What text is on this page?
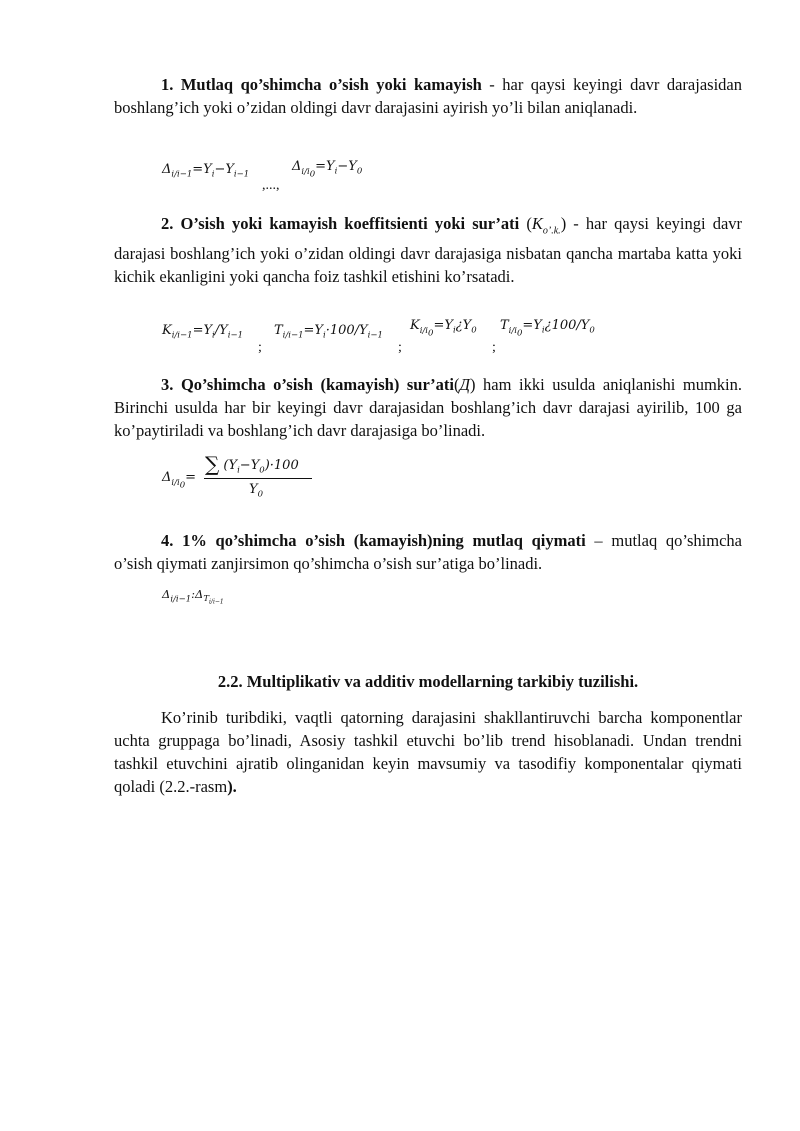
1. Mutlaq qo’shimcha o’sish yoki kamayish - har qaysi keyingi davr darajasidan boshlang’ich yoki o’zidan oldingi davr darajasini ayirish yo’li bilan aniqlanadi.

$\Delta_{i/i-1}=Y_i-Y_{i-1}$
,...,
$\Delta_{i/i_0}=Y_i-Y_0$

2. O’sish yoki kamayish koeffitsienti yoki sur’ati $(K_{o’.k.})$ - har qaysi keyingi davr darajasi boshlang’ich yoki o’zidan oldingi davr darajasiga nisbatan qancha martaba katta yoki kichik ekanligini yoki qancha foiz tashkil etishini ko’rsatadi.

$K_{i/i-1}=Y_i/Y_{i-1}$
;
$T_{i/i-1}=Y_i\cdot 100/Y_{i-1}$
;
$K_{i/i_0}=Y_i¿Y_0$
;
$T_{i/i_0}=Y_i¿100/Y_0$

3. Qo’shimcha o’sish (kamayish) sur’ati(Д) ham ikki usulda aniqlanishi mumkin. Birinchi usulda har bir keyingi davr darajasidan boshlang’ich davr darajasi ayirilib, 100 ga ko’paytiriladi va boshlang’ich davr darajasiga bo’linadi.

$\Delta_{i/i_0}=$
∑ $(Y_i-Y_0)\cdot 100$
$Y_0$

4. 1% qo’shimcha o’sish (kamayish)ning mutlaq qiymati – mutlaq qo’shimcha o’sish qiymati zanjirsimon qo’shimcha o’sish sur’atiga bo’linadi.

$\Delta_{i/i-1}:\Delta_{T_{i/i-1}}$
2.2. Multiplikativ va additiv modellarning tarkibiy tuzilishi.

Ko’rinib turibdiki, vaqtli qatorning darajasini shakllantiruvchi barcha komponentlar uchta gruppaga bo’linadi, Asosiy tashkil etuvchi bo’lib trend hisoblanadi. Undan trendni tashkil etuvchini ajratib olinganidan keyin mavsumiy va tasodifiy komponentalar qiymati qoladi (2.2.-rasm).
